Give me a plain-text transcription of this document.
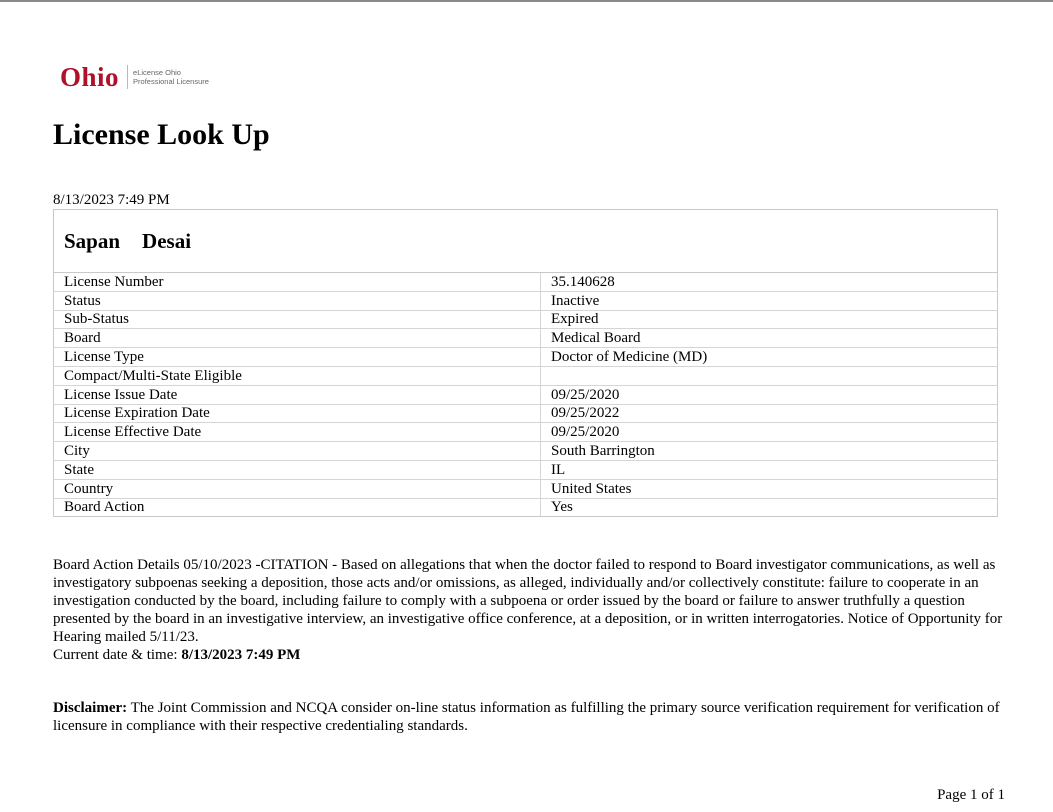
Ohio eLicense Ohio
Professional Licensure
License Look Up
8/13/2023 7:49 PM
Sapan Desai
License Number	35.140628
Status	Inactive
Sub-Status	Expired
Board	Medical Board
License Type	Doctor of Medicine (MD)
Compact/Multi-State Eligible	
License Issue Date	09/25/2020
License Expiration Date	09/25/2022
License Effective Date	09/25/2020
City	South Barrington
State	IL
Country	United States
Board Action	Yes

Board Action Details 05/10/2023 -CITATION - Based on allegations that when the doctor failed to respond to Board investigator communications, as well as investigatory subpoenas seeking a deposition, those acts and/or omissions, as alleged, individually and/or collectively constitute: failure to cooperate in an investigation conducted by the board, including failure to comply with a subpoena or order issued by the board or failure to answer truthfully a question presented by the board in an investigative interview, an investigative office conference, at a deposition, or in written interrogatories. Notice of Opportunity for Hearing mailed 5/11/23.

Current date & time: 8/13/2023 7:49 PM

Disclaimer: The Joint Commission and NCQA consider on-line status information as fulfilling the primary source verification requirement for verification of licensure in compliance with their respective credentialing standards.

Page 1 of 1
